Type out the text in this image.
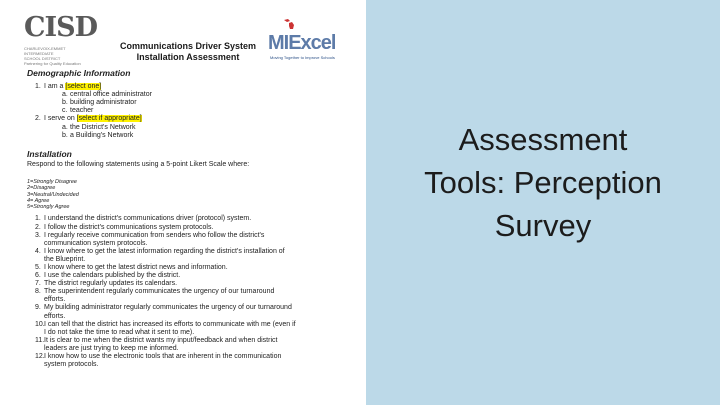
CISD
CHARLEVOIX-EMMET
INTERMEDIATE
SCHOOL DISTRICT
Partnering for Quality Education
Communications Driver System Installation Assessment
MIExcel
Moving Together to Improve Schools
Demographic Information
1. I am a [select one]
a. central office administrator
b. building administrator
c. teacher
2. I serve on [select if appropriate]
a. the District's Network
b. a Building's Network
Installation
Respond to the following statements using a 5-point Likert Scale where:
1=Strongly Disagree
2=Disagree
3=Neutral/Undecided
4= Agree
5=Strongly Agree
1. I understand the district's communications driver (protocol) system.
2. I follow the district's communications system protocols.
3. I regularly receive communication from senders who follow the district's
communication system protocols.
4. I know where to get the latest information regarding the district's installation of
the Blueprint.
5. I know where to get the latest district news and information.
6. I use the calendars published by the district.
7. The district regularly updates its calendars.
8. The superintendent regularly communicates the urgency of our turnaround
efforts.
9. My building administrator regularly communicates the urgency of our turnaround
efforts.
10.I can tell that the district has increased its efforts to communicate with me (even if
I do not take the time to read what it sent to me).
11.It is clear to me when the district wants my input/feedback and when district
leaders are just trying to keep me informed.
12.I know how to use the electronic tools that are inherent in the communication
system protocols.
Assessment
Tools: Perception
Survey
